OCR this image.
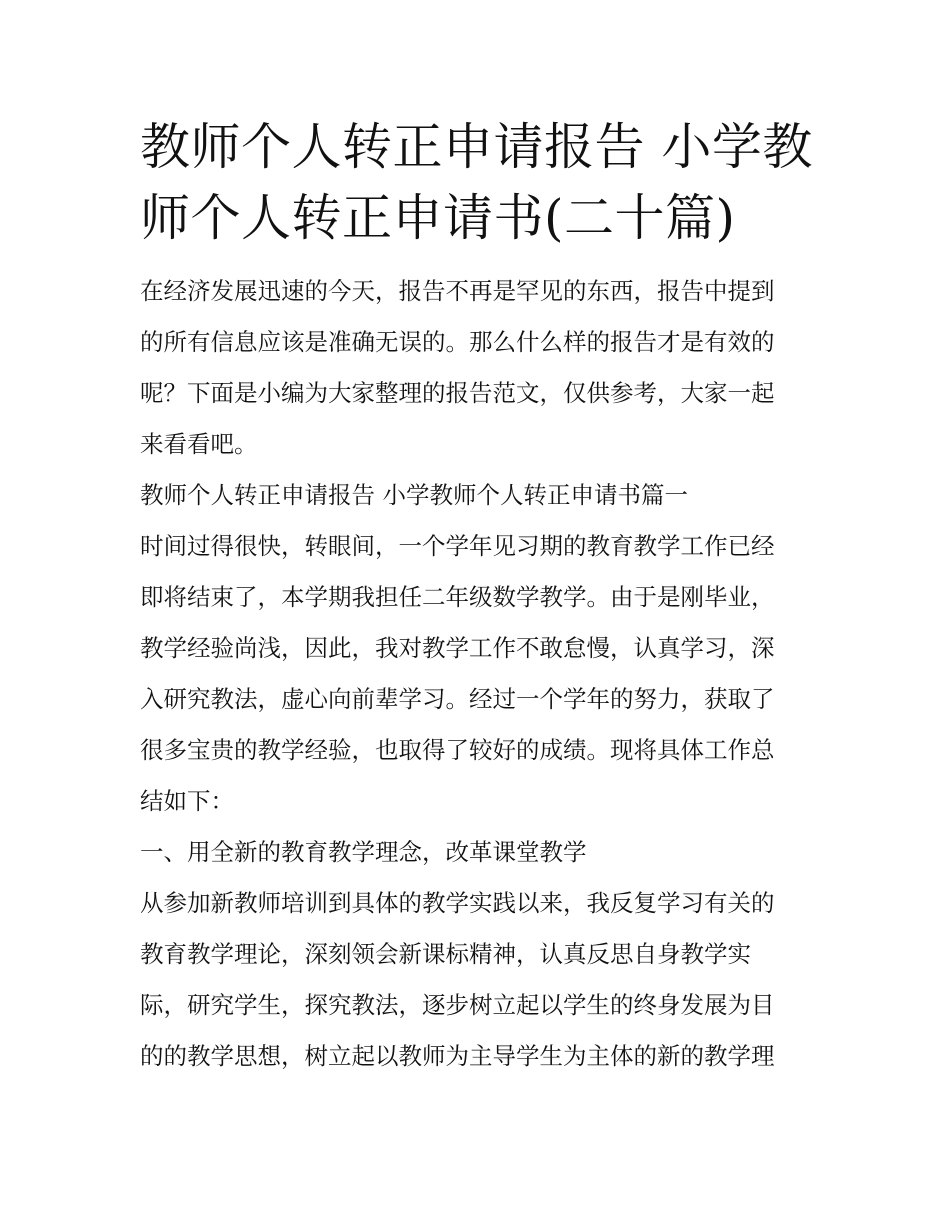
教师个人转正申请报告 小学教
师个人转正申请书(二十篇)

在经济发展迅速的今天，报告不再是罕见的东西，报告中提到
的所有信息应该是准确无误的。那么什么样的报告才是有效的
呢？下面是小编为大家整理的报告范文，仅供参考，大家一起
来看看吧。

教师个人转正申请报告 小学教师个人转正申请书篇一

时间过得很快，转眼间，一个学年见习期的教育教学工作已经
即将结束了，本学期我担任二年级数学教学。由于是刚毕业，
教学经验尚浅，因此，我对教学工作不敢怠慢，认真学习，深
入研究教法，虚心向前辈学习。经过一个学年的努力，获取了
很多宝贵的教学经验，也取得了较好的成绩。现将具体工作总
结如下：

一、用全新的教育教学理念，改革课堂教学

从参加新教师培训到具体的教学实践以来，我反复学习有关的
教育教学理论，深刻领会新课标精神，认真反思自身教学实
际，研究学生，探究教法，逐步树立起以学生的终身发展为目
的的教学思想，树立起以教师为主导学生为主体的新的教学理
